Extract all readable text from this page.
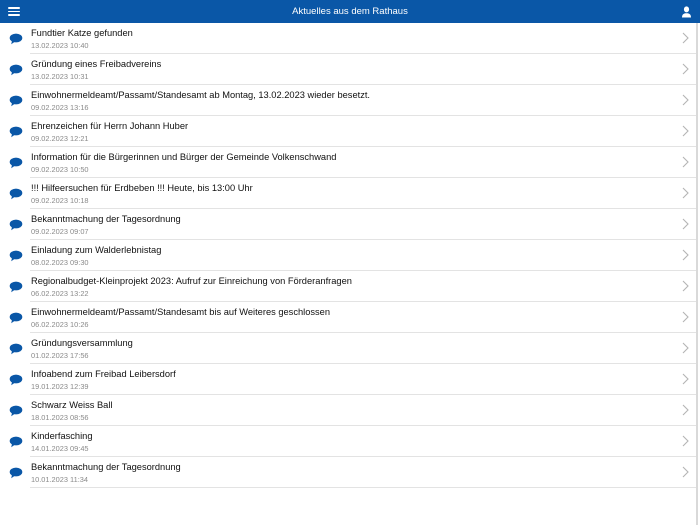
Aktuelles aus dem Rathaus
Fundtier Katze gefunden
13.02.2023 10:40
Gründung eines Freibadvereins
13.02.2023 10:31
Einwohnermeldeamt/Passamt/Standesamt ab Montag, 13.02.2023 wieder besetzt.
09.02.2023 13:16
Ehrenzeichen für Herrn Johann Huber
09.02.2023 12:21
Information für die Bürgerinnen und Bürger der Gemeinde Volkenschwand
09.02.2023 10:50
!!! Hilfeersuchen für Erdbeben !!! Heute, bis 13:00 Uhr
09.02.2023 10:18
Bekanntmachung der Tagesordnung
09.02.2023 09:07
Einladung zum Walderlebnistag
08.02.2023 09:30
Regionalbudget-Kleinprojekt 2023: Aufruf zur Einreichung von Förderanfragen
06.02.2023 13:22
Einwohnermeldeamt/Passamt/Standesamt bis auf Weiteres geschlossen
06.02.2023 10:26
Gründungsversammlung
01.02.2023 17:56
Infoabend zum Freibad Leibersdorf
19.01.2023 12:39
Schwarz Weiss Ball
18.01.2023 08:56
Kinderfasching
14.01.2023 09:45
Bekanntmachung der Tagesordnung
10.01.2023 11:34
